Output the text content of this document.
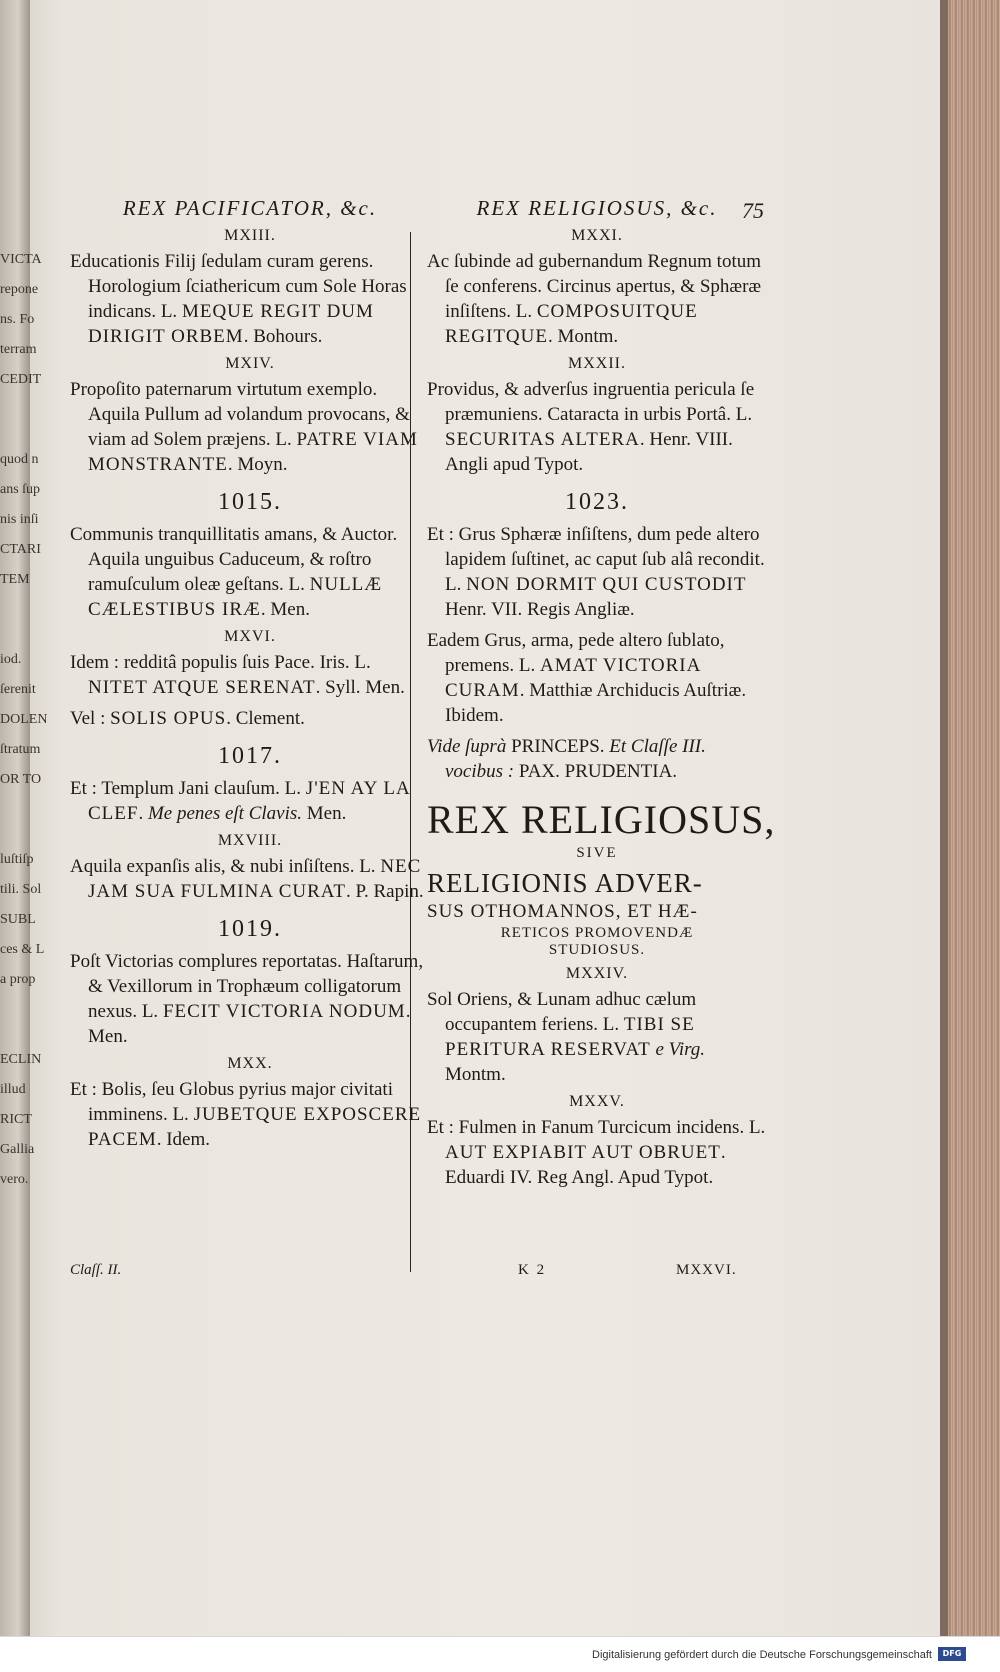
VICTA
repone
ns. Fo
terram
CEDIT
quod n
ans ſup
nis inſi
CTARI
TEM
iod.
ſerenit
DOLEN
ſtratum
OR TO
luſtiſp
tili. Sol
SUBL
ces & L
a prop
ECLIN
illud
RICT
Gallia
vero.
75
REX PACIFICATOR, &c.
MXIII.

Educationis Filij ſedulam curam gerens. Horologium ſciathericum cum Sole Horas indicans. L. MEQUE REGIT DUM DIRIGIT ORBEM. Bohours.

MXIV.

Propoſito paternarum virtutum exemplo. Aquila Pullum ad volandum provocans, & viam ad Solem præjens. L. PATRE VIAM MONSTRANTE. Moyn.

1015.

Communis tranquillitatis amans, & Auctor. Aquila unguibus Caduceum, & roſtro ramuſculum oleæ geſtans. L. NULLÆ CÆLESTIBUS IRÆ. Men.

MXVI.

Idem : redditâ populis ſuis Pace. Iris. L. NITET ATQUE SERENAT. Syll. Men.

Vel : SOLIS OPUS. Clement.

1017.

Et : Templum Jani clauſum. L. J'EN AY LA CLEF. Me penes eſt Clavis. Men.

MXVIII.

Aquila expanſis alis, & nubi inſiſtens. L. NEC JAM SUA FULMINA CURAT. P. Rapin.

1019.

Poſt Victorias complures reportatas. Haſtarum, & Vexillorum in Trophæum colligatorum nexus. L. FECIT VICTORIA NODUM. Men.

MXX.

Et : Bolis, ſeu Globus pyrius major civitati imminens. L. JUBETQUE EXPOSCERE PACEM. Idem.

REX RELIGIOSUS, &c.
MXXI.

Ac ſubinde ad gubernandum Regnum totum ſe conferens. Circinus apertus, & Sphæræ inſiſtens. L. COMPOSUITQUE REGITQUE. Montm.

MXXII.

Providus, & adverſus ingruentia pericula ſe præmuniens. Cataracta in urbis Portâ. L. SECURITAS ALTERA. Henr. VIII. Angli apud Typot.

1023.

Et : Grus Sphæræ inſiſtens, dum pede altero lapidem ſuſtinet, ac caput ſub alâ recondit. L. NON DORMIT QUI CUSTODIT Henr. VII. Regis Angliæ.

Eadem Grus, arma, pede altero ſublato, premens. L. AMAT VICTORIA CURAM. Matthiæ Archiducis Auſtriæ. Ibidem.

Vide ſuprà PRINCEPS. Et Claſſe III. vocibus : PAX. PRUDENTIA.

REX RELIGIOSUS,
SIVE
RELIGIONIS ADVER-
SUS OTHOMANNOS, ET HÆ-
RETICOS PROMOVENDÆ
STUDIOSUS.
MXXIV.

Sol Oriens, & Lunam adhuc cælum occupantem feriens. L. TIBI SE PERITURA RESERVAT e Virg. Montm.

MXXV.

Et : Fulmen in Fanum Turcicum incidens. L. AUT EXPIABIT AUT OBRUET. Eduardi IV. Reg Angl. Apud Typot.

Claſſ. II.	K 2	MXXVI.
Digitalisierung gefördert durch die Deutsche Forschungsgemeinschaft	DFG
